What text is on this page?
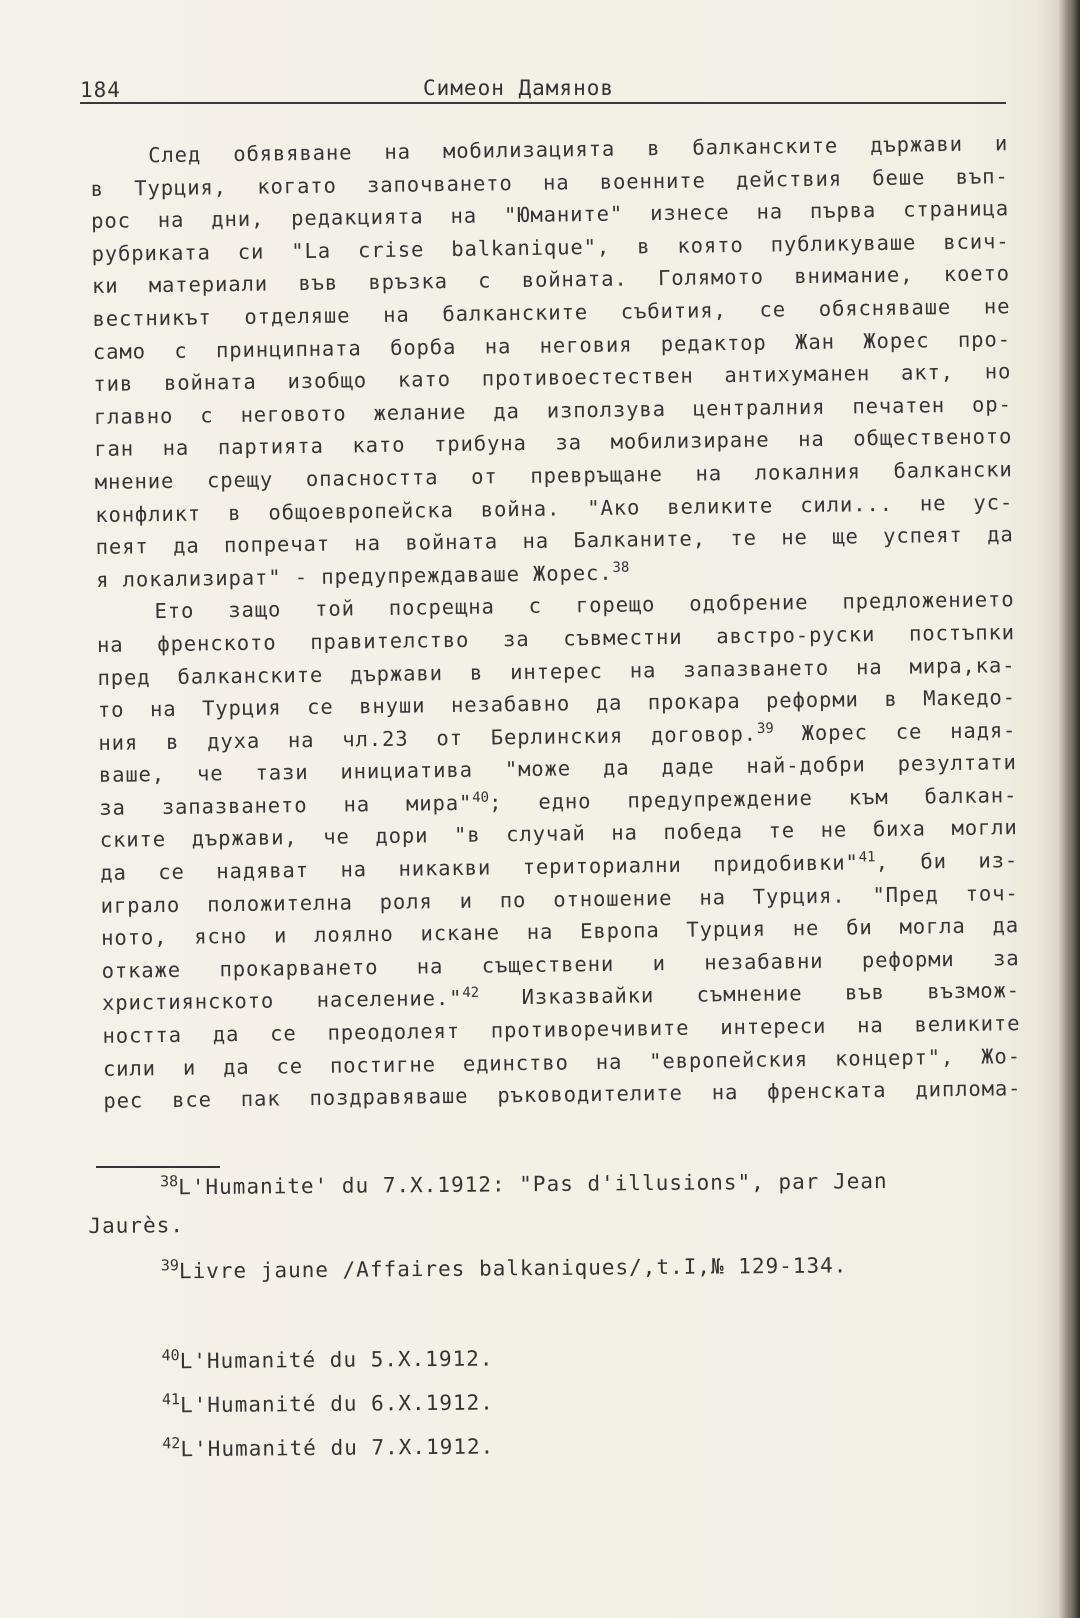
184	Симеон Дамянов
След обявяване на мобилизацията в балканските държави и
в Турция, когато започването на военните действия беше въп-
рос на дни, редакцията на "Юманите" изнесе на първа страница
рубриката си "La crise balkanique", в която публикуваше всич-
ки материали във връзка с войната. Голямото внимание, което
вестникът отделяше на балканските събития, се обясняваше не
само с принципната борба на неговия редактор Жан Жорес про-
тив войната изобщо като противоестествен антихуманен акт, но
главно с неговото желание да използува централния печатен ор-
ган на партията като трибуна за мобилизиране на общественото
мнение срещу опасността от превръщане на локалния балкански
конфликт в общоевропейска война. "Ако великите сили... не ус-
пеят да попречат на войната на Балканите, те не ще успеят да
я локализират" - предупреждаваше Жорес.$^{38}$
Ето защо той посрещна с горещо одобрение предложението
на френското правителство за съвместни австро-руски постъпки
пред балканските държави в интерес на запазването на мира,ка-
то на Турция се внуши незабавно да прокара реформи в Македо-
ния в духа на чл.23 от Берлинския договор.$^{39}$ Жорес се надя-
ваше, че тази инициатива "може да даде най-добри резултати
за запазването на мира"$^{40}$; едно предупреждение към балкан-
ските държави, че дори "в случай на победа те не биха могли
да се надяват на никакви териториални придобивки"$^{41}$, би из-
играло положителна роля и по отношение на Турция. "Пред точ-
ното, ясно и лоялно искане на Европа Турция не би могла да
откаже прокарването на съществени и незабавни реформи за
християнското население."$^{42}$ Изказвайки съмнение във възмож-
ността да се преодолеят противоречивите интереси на великите
сили и да се постигне единство на "европейския концерт", Жо-
рес все пак поздравяваше ръководителите на френската диплома-
$^{38}$L'Humanite' du 7.X.1912: "Pas d'illusions", par Jean
Jaurès.
$^{39}$Livre jaune /Affaires balkaniques/,t.I,№ 129-134.
$^{40}$L'Humanité du 5.X.1912.
$^{41}$L'Humanité du 6.X.1912.
$^{42}$L'Humanité du 7.X.1912.
